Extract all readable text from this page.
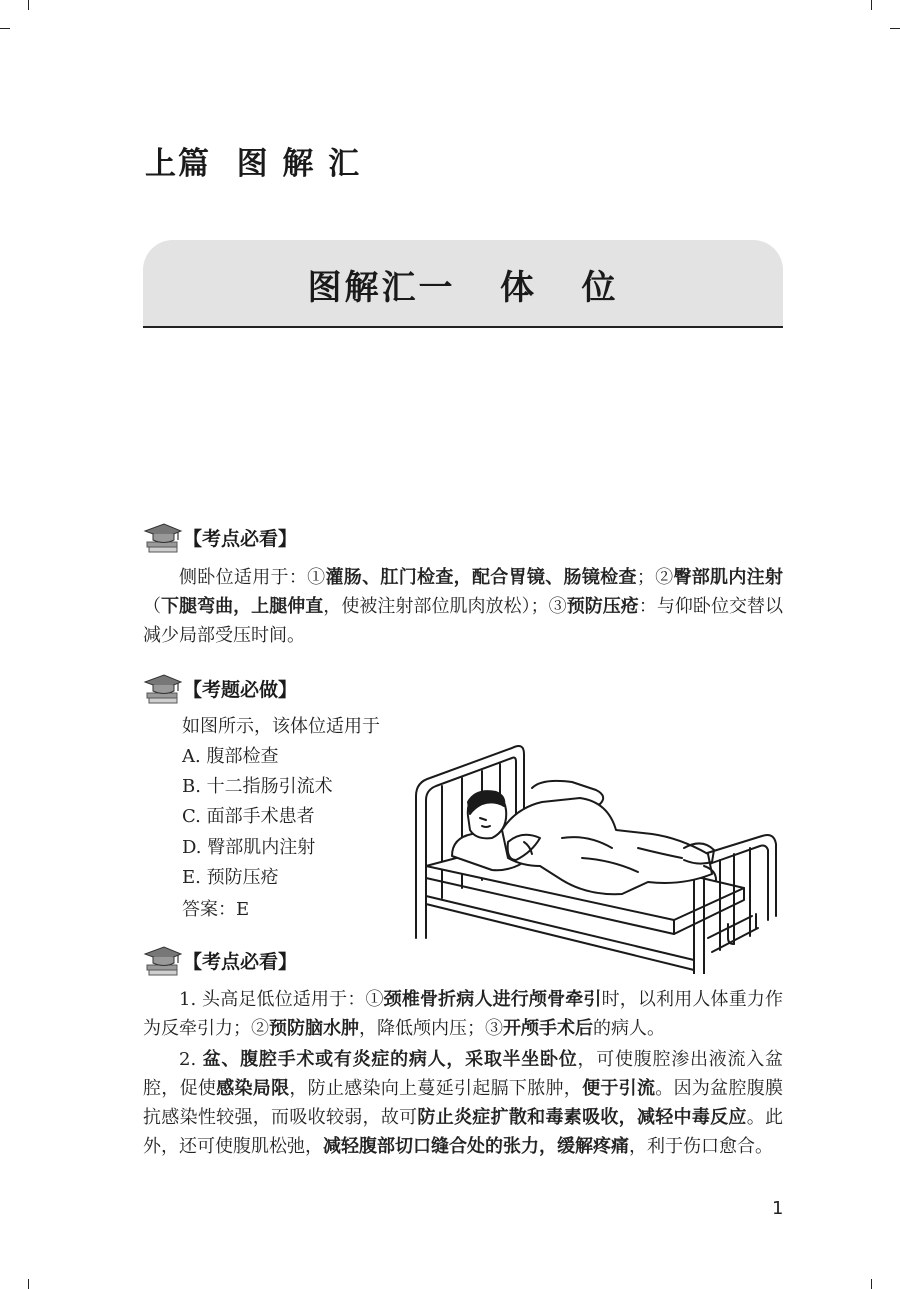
上篇  图 解 汇
图解汇一   体   位
【考点必看】
侧卧位适用于：①灌肠、肛门检查，配合胃镜、肠镜检查；②臀部肌内注射（下腿弯曲，上腿伸直，使被注射部位肌肉放松）；③预防压疮：与仰卧位交替以减少局部受压时间。
【考题必做】
如图所示，该体位适用于
A. 腹部检查
B. 十二指肠引流术
C. 面部手术患者
D. 臀部肌内注射
E. 预防压疮
答案：E
【考点必看】
1. 头高足低位适用于：①颈椎骨折病人进行颅骨牵引时，以利用人体重力作为反牵引力；②预防脑水肿，降低颅内压；③开颅手术后的病人。
2. 盆、腹腔手术或有炎症的病人，采取半坐卧位，可使腹腔渗出液流入盆腔，促使感染局限，防止感染向上蔓延引起膈下脓肿，便于引流。因为盆腔腹膜抗感染性较强，而吸收较弱，故可防止炎症扩散和毒素吸收，减轻中毒反应。此外，还可使腹肌松弛，减轻腹部切口缝合处的张力，缓解疼痛，利于伤口愈合。
1
